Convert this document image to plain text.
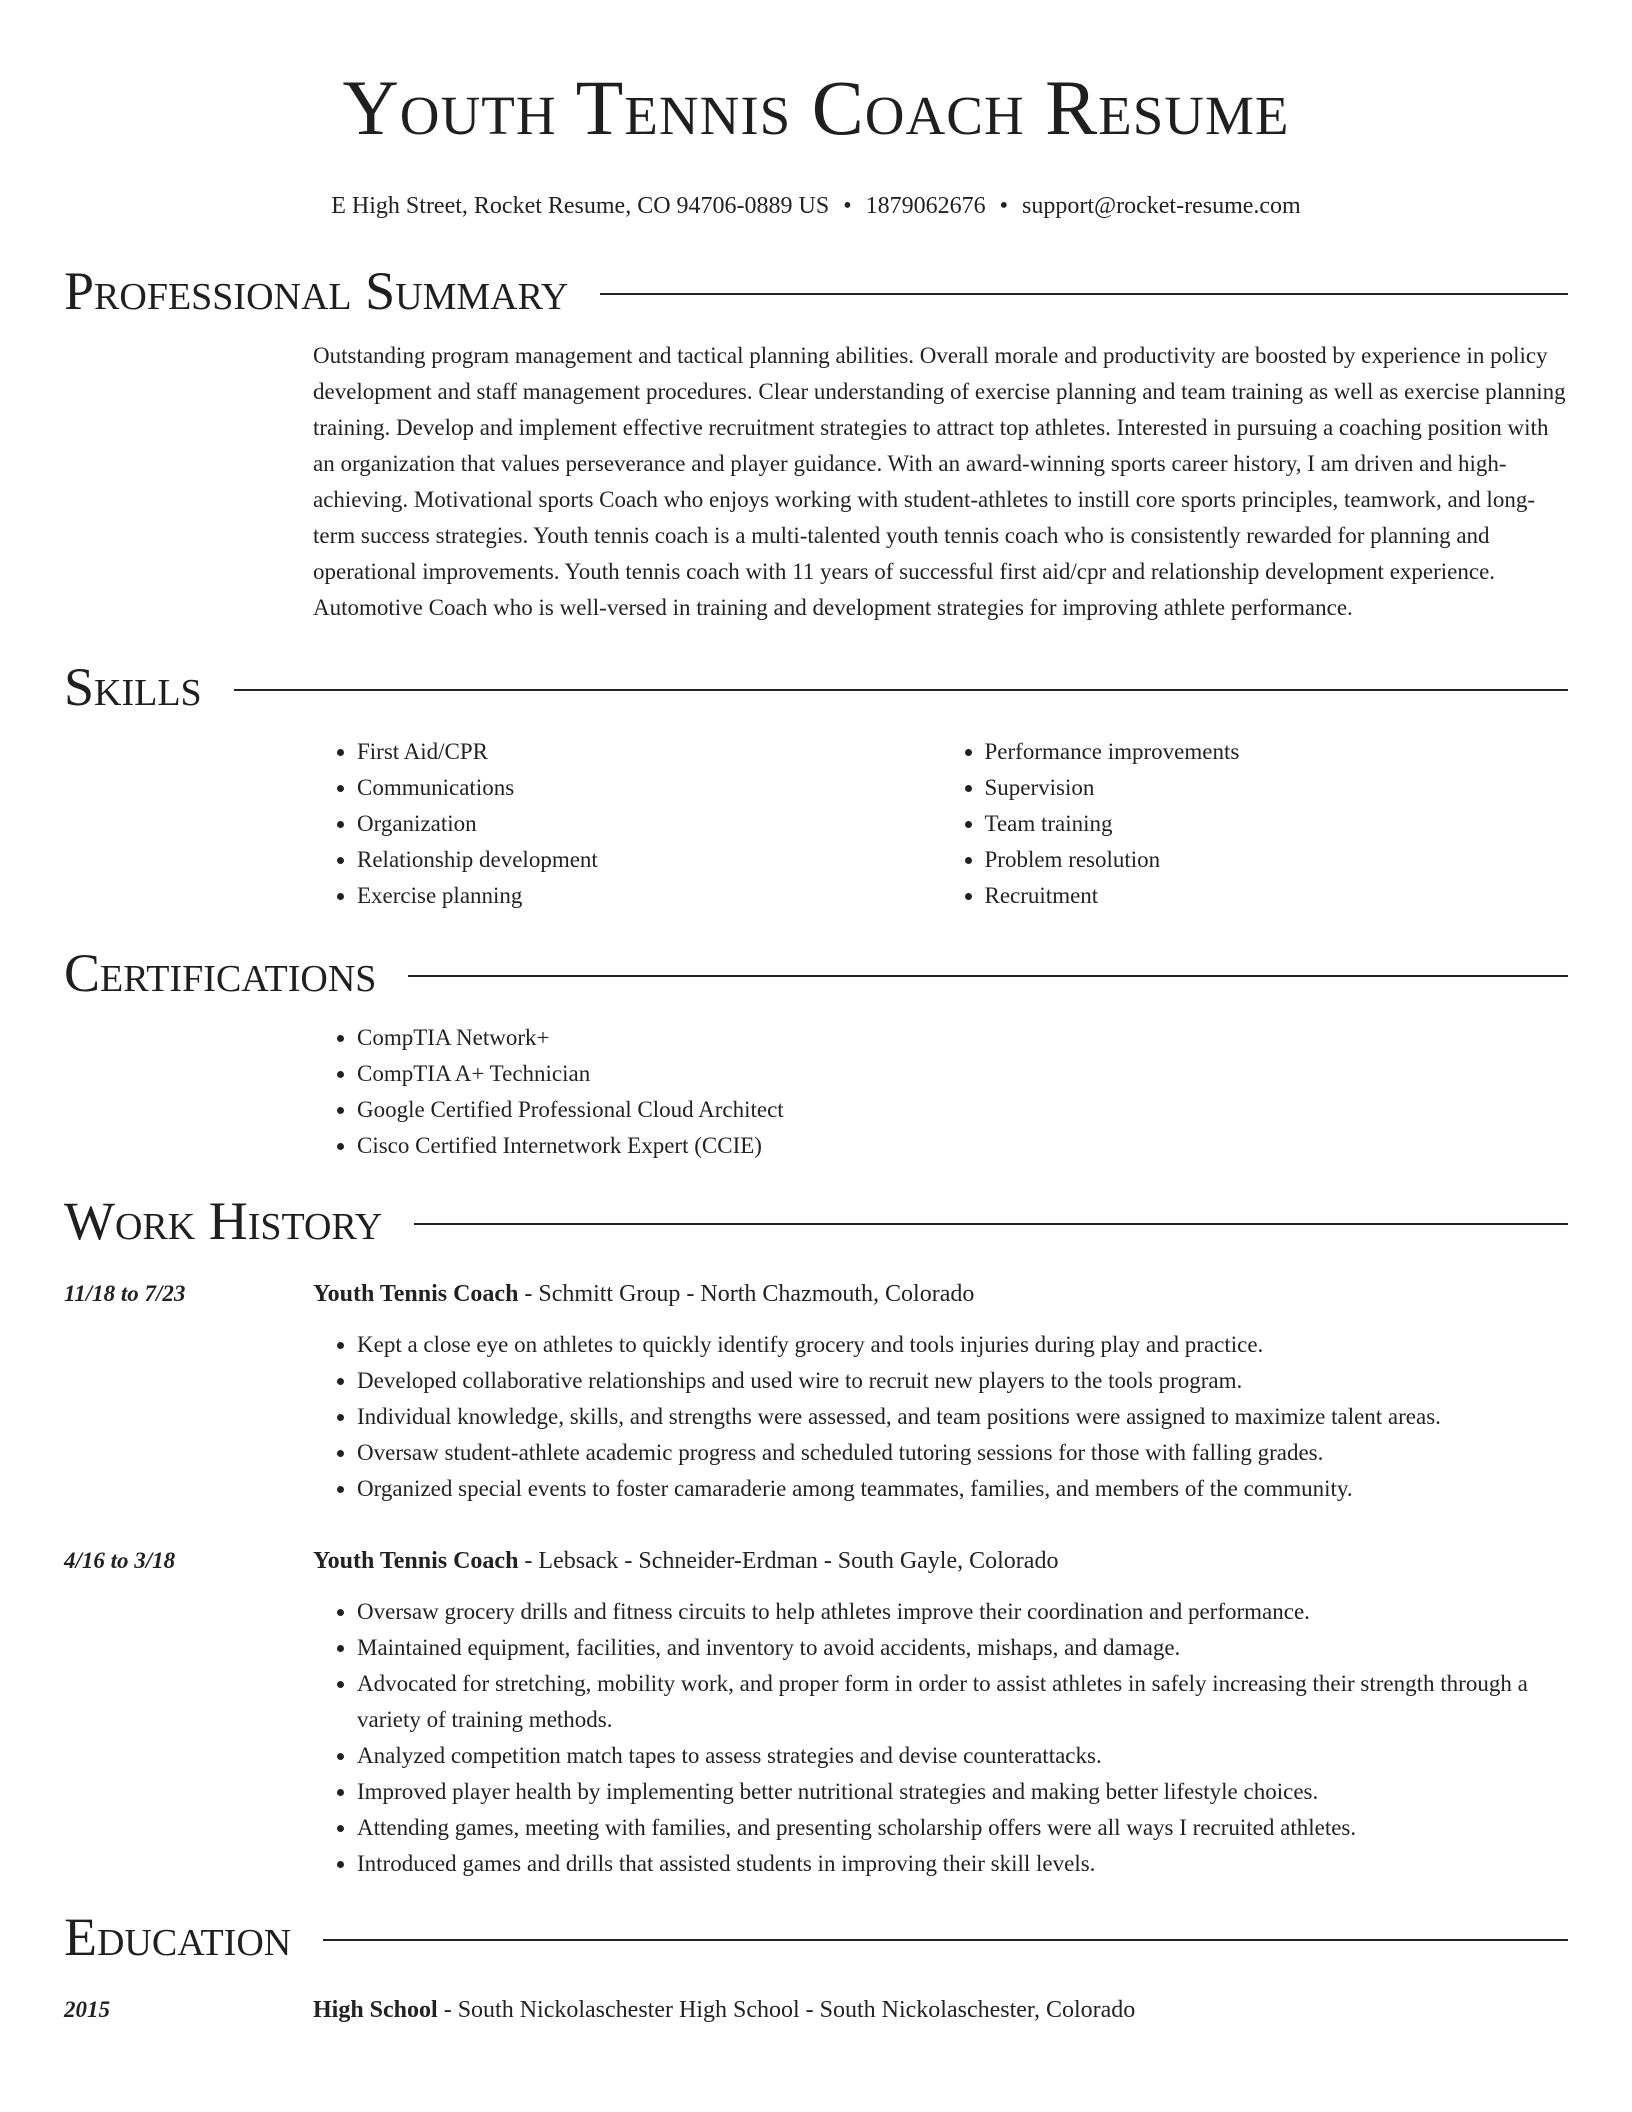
Youth Tennis Coach Resume
E High Street, Rocket Resume, CO 94706-0889 US • 1879062676 • support@rocket-resume.com
Professional Summary

Outstanding program management and tactical planning abilities. Overall morale and productivity are boosted by experience in policy development and staff management procedures. Clear understanding of exercise planning and team training as well as exercise planning training. Develop and implement effective recruitment strategies to attract top athletes. Interested in pursuing a coaching position with an organization that values perseverance and player guidance. With an award-winning sports career history, I am driven and high-achieving. Motivational sports Coach who enjoys working with student-athletes to instill core sports principles, teamwork, and long-term success strategies. Youth tennis coach is a multi-talented youth tennis coach who is consistently rewarded for planning and operational improvements. Youth tennis coach with 11 years of successful first aid/cpr and relationship development experience. Automotive Coach who is well-versed in training and development strategies for improving athlete performance.

Skills
• First Aid/CPR
• Communications
• Organization
• Relationship development
• Exercise planning
• Performance improvements
• Supervision
• Team training
• Problem resolution
• Recruitment
Certifications
• CompTIA Network+
• CompTIA A+ Technician
• Google Certified Professional Cloud Architect
• Cisco Certified Internetwork Expert (CCIE)
Work History
11/18 to 7/23	Youth Tennis Coach - Schmitt Group - North Chazmouth, Colorado
• Kept a close eye on athletes to quickly identify grocery and tools injuries during play and practice.
• Developed collaborative relationships and used wire to recruit new players to the tools program.
• Individual knowledge, skills, and strengths were assessed, and team positions were assigned to maximize talent areas.
• Oversaw student-athlete academic progress and scheduled tutoring sessions for those with falling grades.
• Organized special events to foster camaraderie among teammates, families, and members of the community.
4/16 to 3/18	Youth Tennis Coach - Lebsack - Schneider-Erdman - South Gayle, Colorado
• Oversaw grocery drills and fitness circuits to help athletes improve their coordination and performance.
• Maintained equipment, facilities, and inventory to avoid accidents, mishaps, and damage.
• Advocated for stretching, mobility work, and proper form in order to assist athletes in safely increasing their strength through a variety of training methods.
• Analyzed competition match tapes to assess strategies and devise counterattacks.
• Improved player health by implementing better nutritional strategies and making better lifestyle choices.
• Attending games, meeting with families, and presenting scholarship offers were all ways I recruited athletes.
• Introduced games and drills that assisted students in improving their skill levels.
Education
2015	High School - South Nickolaschester High School - South Nickolaschester, Colorado
